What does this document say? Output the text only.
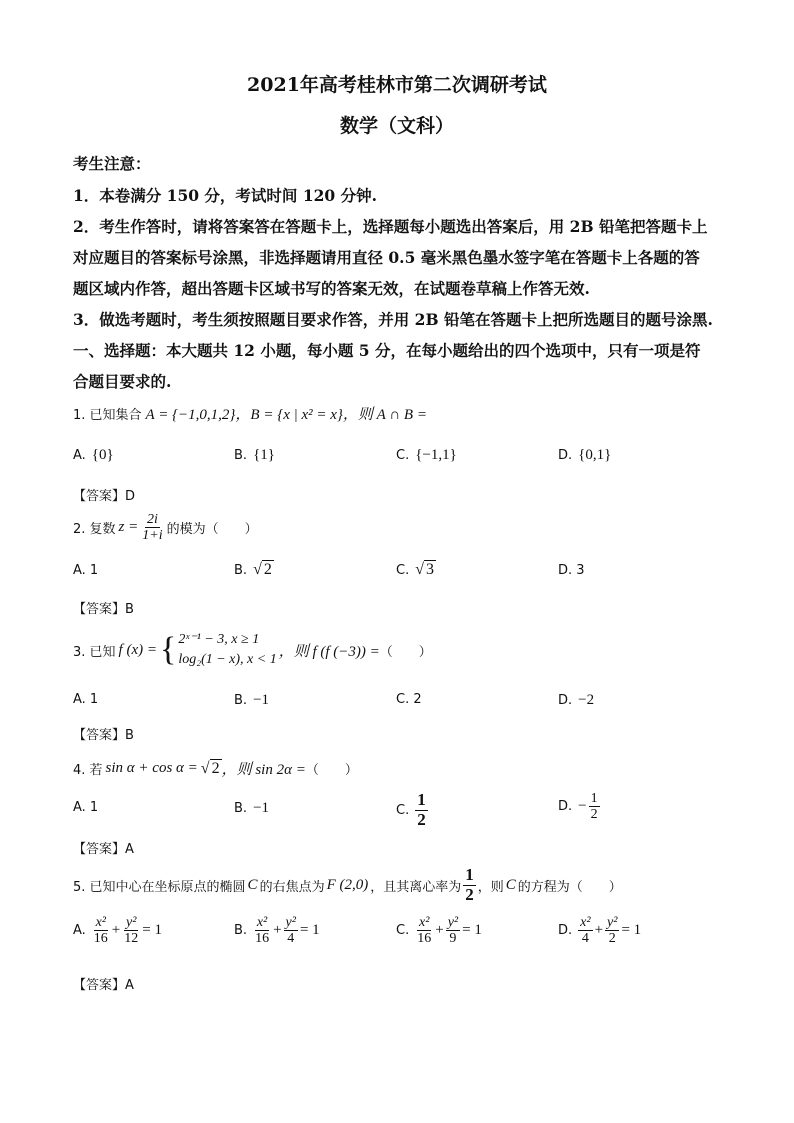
2021年高考桂林市第二次调研考试
数学（文科）
考生注意：
1．本卷满分 150 分，考试时间 120 分钟.
2．考生作答时，请将答案答在答题卡上，选择题每小题选出答案后，用 2B 铅笔把答题卡上
对应题目的答案标号涂黑，非选择题请用直径 0.5 毫米黑色墨水签字笔在答题卡上各题的答
题区域内作答，超出答题卡区域书写的答案无效，在试题卷草稿上作答无效.
3．做选考题时，考生须按照题目要求作答，并用 2B 铅笔在答题卡上把所选题目的题号涂黑.
一、选择题：本大题共 12 小题，每小题 5 分，在每小题给出的四个选项中，只有一项是符
合题目要求的.
1. 已知集合 A = {−1,0,1,2}，B = {x | x² = x}，则 A ∩ B =
A. {0}	B. {1}	C. {−1,1}	D. {0,1}
【答案】D
2. 复数 $z = \frac{2i}{1+i}$ 的模为（　　）
A. 1	B. √ 2	C. √ 3	D. 3
【答案】B
3. 已知 f (x) = { 2ˣ⁻¹ − 3, x ≥ 1
log₂(1 − x), x < 1 ，则 f (f (−3)) = （　　）
A. 1	B. −1	C. 2	D. −2
【答案】B
4. 若 sin α + cos α = √ 2 ，则 sin 2α = （　　）
A. 1	B. −1	C. $\frac{1}{2}$	D. − $\frac{1}{2}$
【答案】A
5. 已知中心在坐标原点的椭圆 C 的右焦点为 F (2,0) ，且其离心率为 $\frac{1}{2}$ ，则 C 的方程为（　　）
A. $\frac{\text{x²}}{16} + \frac{\text{y²}}{12} = 1$	B. $\frac{\text{x²}}{16} + \frac{\text{y²}}{4} = 1$	C. $\frac{\text{x²}}{16} + \frac{\text{y²}}{9} = 1$	D. $\frac{\text{x²}}{4} + \frac{\text{y²}}{2} = 1$
【答案】A
